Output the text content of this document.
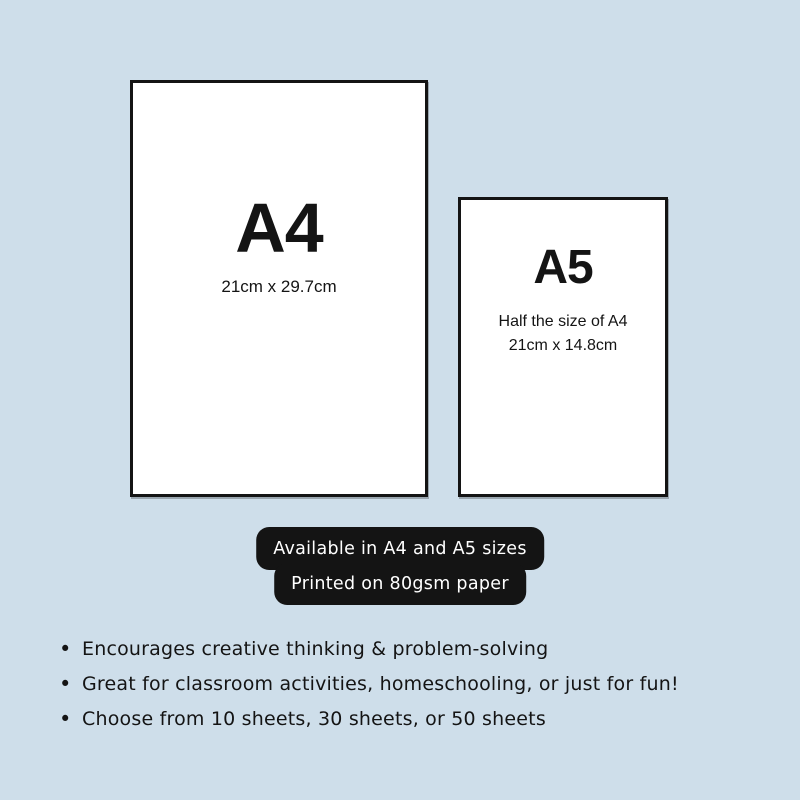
A4
21cm x 29.7cm	A5
Half the size of A4
21cm x 14.8cm
Available in A4 and A5 sizes
Printed on 80gsm paper
• Encourages creative thinking & problem-solving
• Great for classroom activities, homeschooling, or just for fun!
• Choose from 10 sheets, 30 sheets, or 50 sheets
